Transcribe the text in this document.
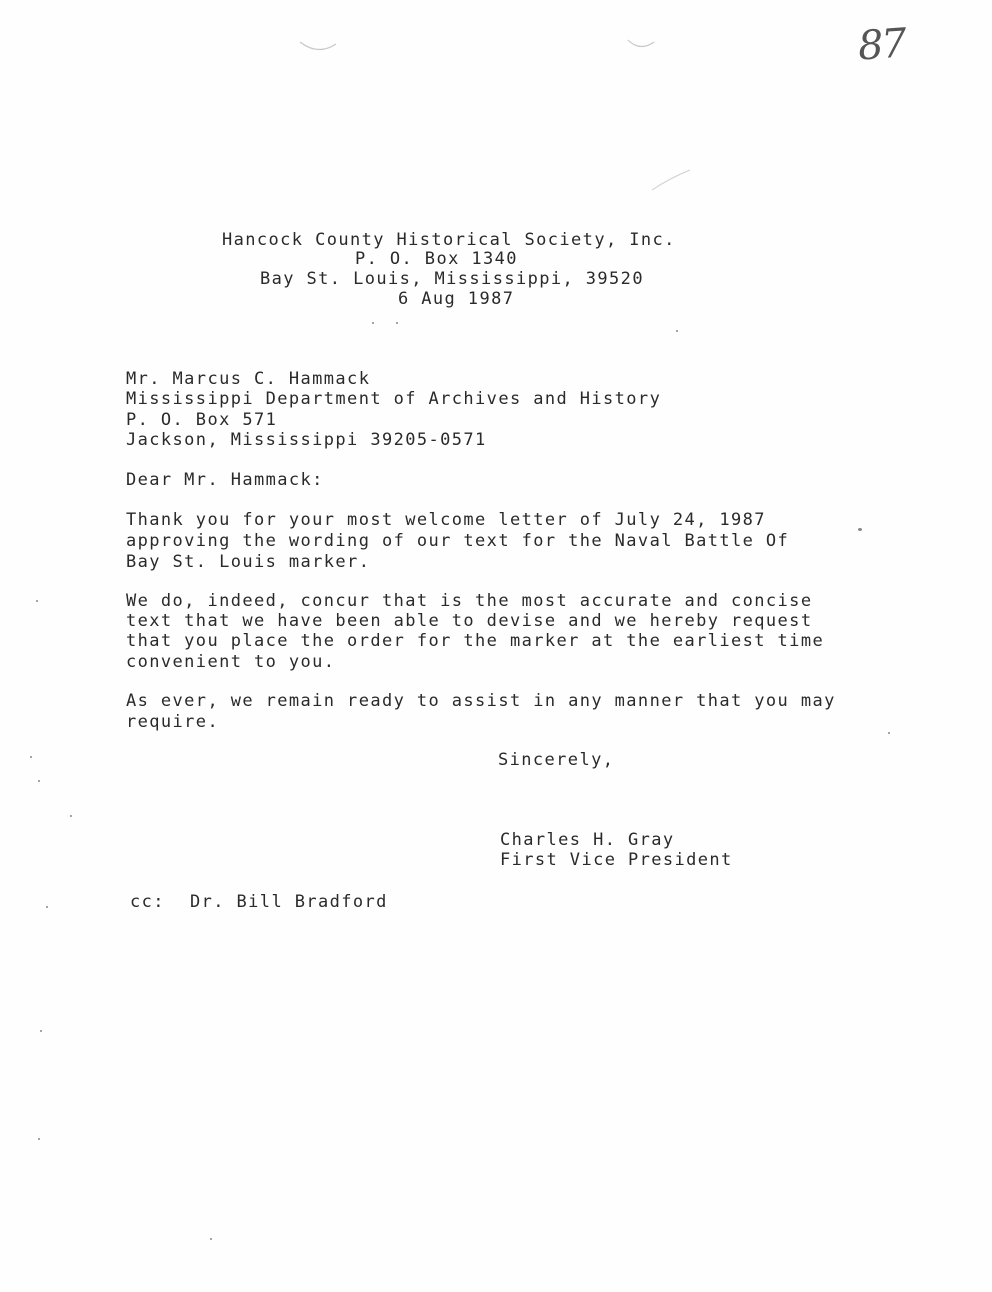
87
Hancock County Historical Society, Inc.
P. O. Box 1340
Bay St. Louis, Mississippi, 39520
6 Aug 1987
Mr. Marcus C. Hammack
Mississippi Department of Archives and History
P. O. Box 571
Jackson, Mississippi 39205-0571
Dear Mr. Hammack:
Thank you for your most welcome letter of July 24, 1987
approving the wording of our text for the Naval Battle Of
Bay St. Louis marker.
We do, indeed, concur that is the most accurate and concise
text that we have been able to devise and we hereby request
that you place the order for the marker at the earliest time
convenient to you.
As ever, we remain ready to assist in any manner that you may
require.
Sincerely,
Charles H. Gray
First Vice President
cc: Dr. Bill Bradford
